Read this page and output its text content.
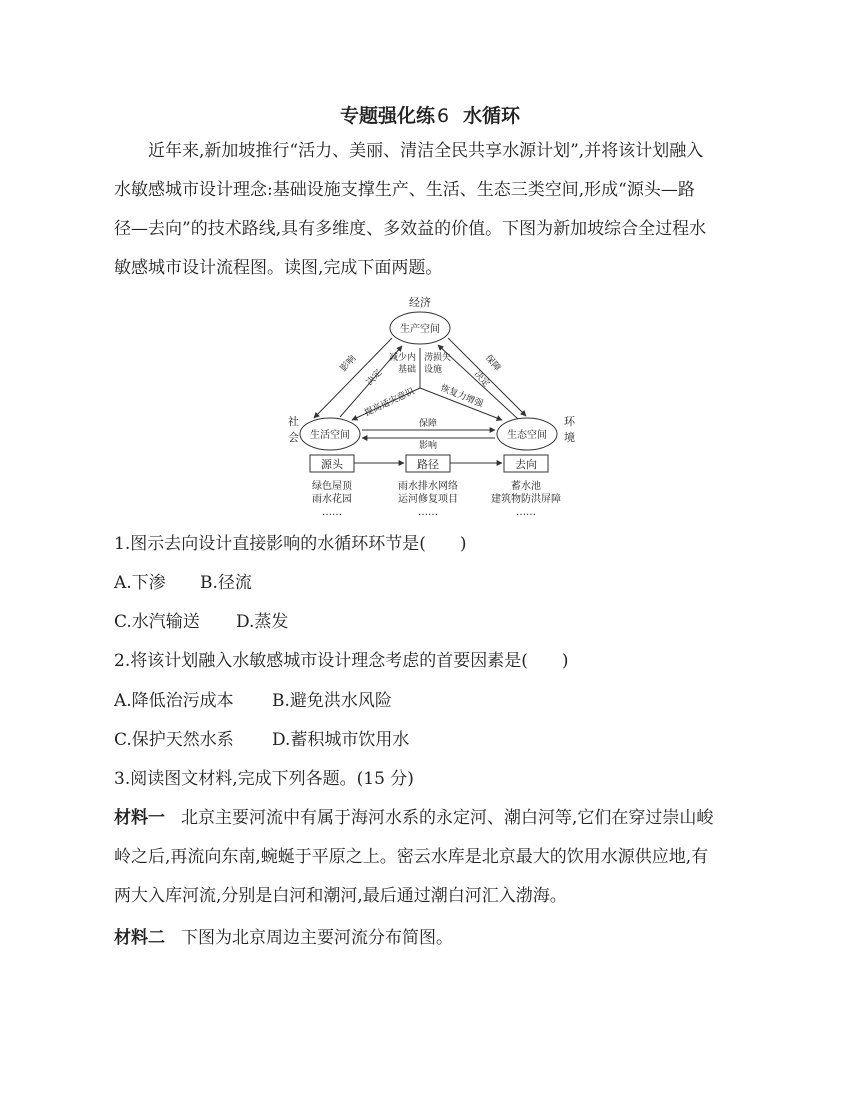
专题强化练 6 水循环
近年来,新加坡推行“活力、美丽、清洁全民共享水源计划”,并将该计划融入
水敏感城市设计理念:基础设施支撑生产、生活、生态三类空间,形成“源头—路
径—去向”的技术路线,具有多维度、多效益的价值。下图为新加坡综合全过程水
敏感城市设计流程图。读图,完成下面两题。
经济
社
会
环
境
生产空间
生活空间	生态空间
影响
决定
保障
决定
保障
影响
减少内
基础
涝损失
设施
提高适灾意识	恢复力增强
源头	路径	去向
绿色屋顶
雨水花园
……
雨水排水网络
运河修复项目
……
蓄水池
建筑物防洪屏障
……
1.图示去向设计直接影响的水循环环节是(　　)
A.下渗 B.径流
C.水汽输送 D.蒸发
2.将该计划融入水敏感城市设计理念考虑的首要因素是(　　)
A.降低治污成本 B.避免洪水风险
C.保护天然水系 D.蓄积城市饮用水
3.阅读图文材料,完成下列各题。(15 分)
材料一 北京主要河流中有属于海河水系的永定河、潮白河等,它们在穿过崇山峻
岭之后,再流向东南,蜿蜒于平原之上。密云水库是北京最大的饮用水源供应地,有
两大入库河流,分别是白河和潮河,最后通过潮白河汇入渤海。
材料二 下图为北京周边主要河流分布简图。
